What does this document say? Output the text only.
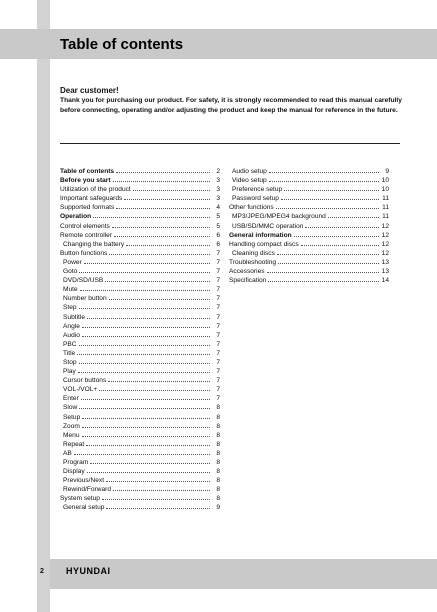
Table of contents
Dear customer!
Thank you for purchasing our product. For safety, it is strongly recommended to read this manual carefully before connecting, operating and/or adjusting the product and keep the manual for reference in the future.
Table of contents	2
Before you start	3
Utilization of the product	3
Important safeguards	3
Supported formats	4
Operation	5
Control elements	5
Remote controller	6
Changing the battery	6
Button functions	7
Power	7
Goto	7
DVD/SD/USB	7
Mute	7
Number button	7
Step	7
Subtitle	7
Angle	7
Audio	7
PBC	7
Title	7
Stop	7
Play	7
Cursor buttons	7
VOL-/VOL+	7
Enter	7
Slow	8
Setup	8
Zoom	8
Menu	8
Repeat	8
AB	8
Program	8
Display	8
Previous/Next	8
Rewind/Forward	8
System setup	8
General setup	9
Audio setup	9
Video setup	10
Preference setup	10
Password setup	11
Other functions	11
MP3/JPEG/MPEG4 background	11
USB/SD/MMC operation	12
General information	12
Handling compact discs	12
Cleaning discs	12
Troubleshooting	13
Accessories	13
Specification	14
2 HYUNDAI
